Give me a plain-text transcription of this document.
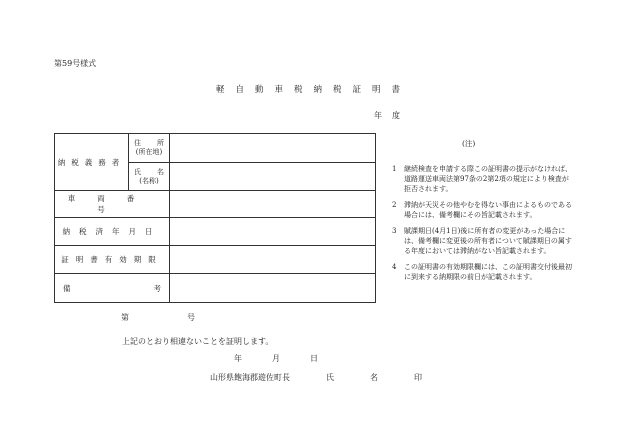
第59号様式
軽自動車税納税証明書
年度
納税義務者	住 所
(所在地)	

	氏 名
(名称)	

車両番号		
納税済年月日		
証明書有効期限		

備 考		

(注)
1	継続検査を申請する際この証明書の提示がなければ、道路運送車両法第97条の2第2項の規定により検査が拒否されます。
2	滞納が天災その他やむを得ない事由によるものである場合には、備考欄にその旨記載されます。
3	賦課期日(4月1日)後に所有者の変更があった場合には、備考欄に変更後の所有者について賦課期日の属する年度においては滞納がない旨記載されます。
4	この証明書の有効期限欄には、この証明書交付後最初に到来する納期限の前日が記載されます。
第	号
上記のとおり相違ないことを証明します。
年	月	日
山形県飽海郡遊佐町長	氏	名	印
